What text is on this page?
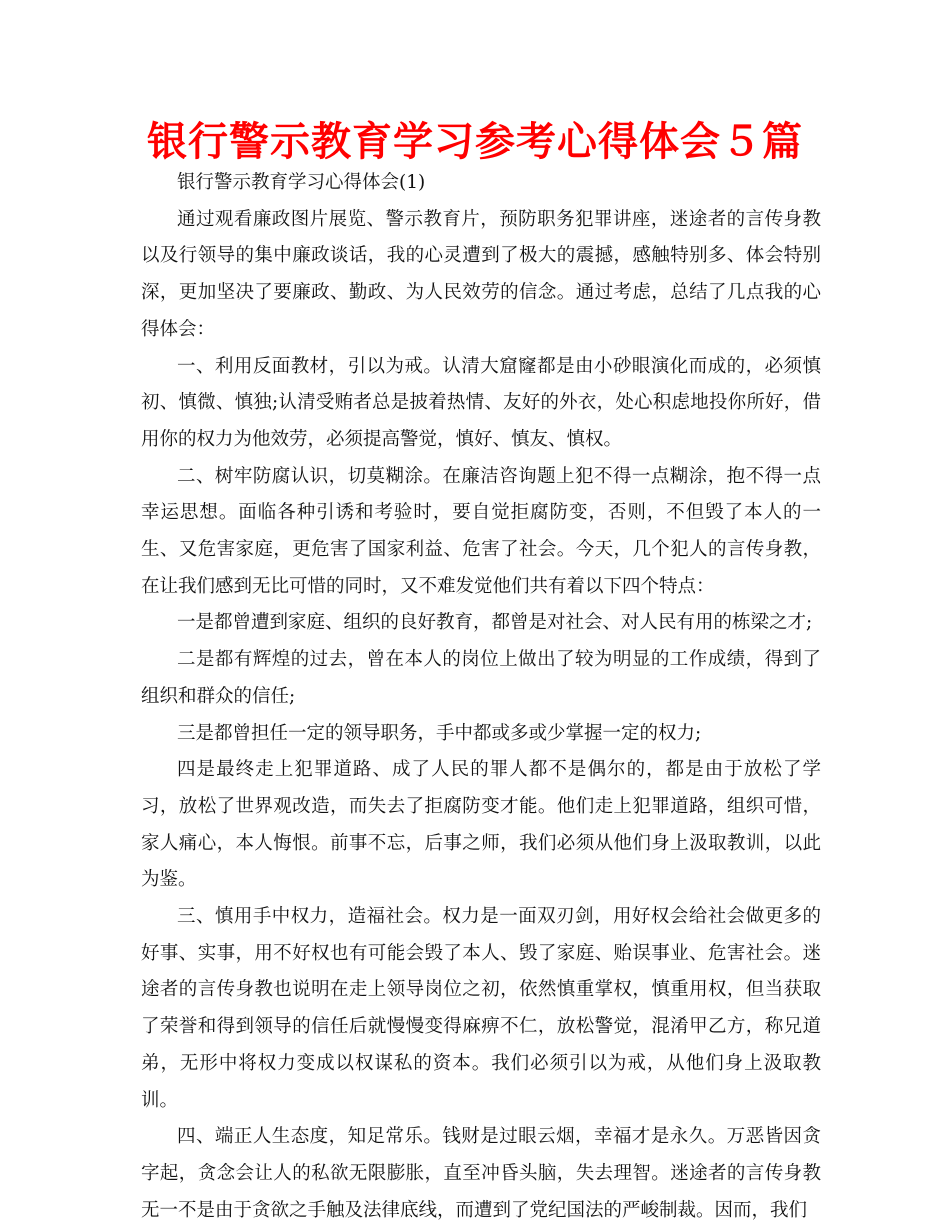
银行警示教育学习参考心得体会５篇

银行警示教育学习心得体会(1)

通过观看廉政图片展览、警示教育片，预防职务犯罪讲座，迷途者的言传身教以及行领导的集中廉政谈话，我的心灵遭到了极大的震撼，感触特别多、体会特别深，更加坚决了要廉政、勤政、为人民效劳的信念。通过考虑，总结了几点我的心得体会：

一、利用反面教材，引以为戒。认清大窟窿都是由小砂眼演化而成的，必须慎初、慎微、慎独;认清受贿者总是披着热情、友好的外衣，处心积虑地投你所好，借用你的权力为他效劳，必须提高警觉，慎好、慎友、慎权。

二、树牢防腐认识，切莫糊涂。在廉洁咨询题上犯不得一点糊涂，抱不得一点幸运思想。面临各种引诱和考验时，要自觉拒腐防变，否则，不但毁了本人的一生、又危害家庭，更危害了国家利益、危害了社会。今天，几个犯人的言传身教，在让我们感到无比可惜的同时，又不难发觉他们共有着以下四个特点：

一是都曾遭到家庭、组织的良好教育，都曾是对社会、对人民有用的栋梁之才;

二是都有辉煌的过去，曾在本人的岗位上做出了较为明显的工作成绩，得到了组织和群众的信任;

三是都曾担任一定的领导职务，手中都或多或少掌握一定的权力;

四是最终走上犯罪道路、成了人民的罪人都不是偶尔的，都是由于放松了学习，放松了世界观改造，而失去了拒腐防变才能。他们走上犯罪道路，组织可惜，家人痛心，本人悔恨。前事不忘，后事之师，我们必须从他们身上汲取教训，以此为鉴。

三、慎用手中权力，造福社会。权力是一面双刃剑，用好权会给社会做更多的好事、实事，用不好权也有可能会毁了本人、毁了家庭、贻误事业、危害社会。迷途者的言传身教也说明在走上领导岗位之初，依然慎重掌权，慎重用权，但当获取了荣誉和得到领导的信任后就慢慢变得麻痹不仁，放松警觉，混淆甲乙方，称兄道弟，无形中将权力变成以权谋私的资本。我们必须引以为戒，从他们身上汲取教训。

四、端正人生态度，知足常乐。钱财是过眼云烟，幸福才是永久。万恶皆因贪字起，贪念会让人的私欲无限膨胀，直至冲昏头脑，失去理智。迷途者的言传身教无一不是由于贪欲之手触及法律底线，而遭到了党纪国法的严峻制裁。因而，我们
